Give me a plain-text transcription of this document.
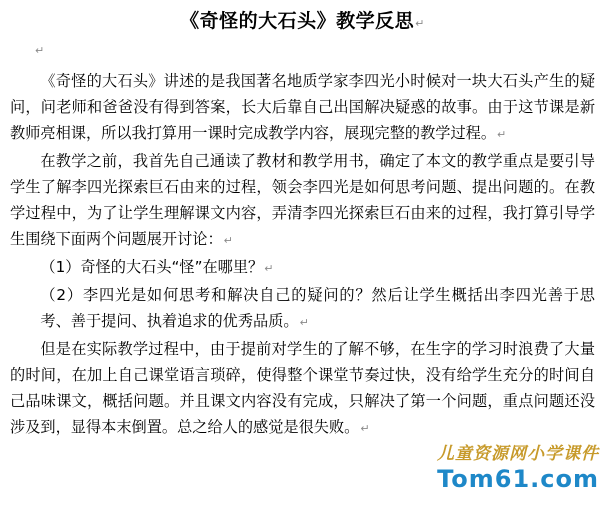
《奇怪的大石头》教学反思↵
↵

《奇怪的大石头》讲述的是我国著名地质学家李四光小时候对一块大石头产生的疑问，问老师和爸爸没有得到答案，长大后靠自己出国解决疑惑的故事。由于这节课是新教师亮相课，所以我打算用一课时完成教学内容，展现完整的教学过程。↵

在教学之前，我首先自己通读了教材和教学用书，确定了本文的教学重点是要引导学生了解李四光探索巨石由来的过程，领会李四光是如何思考问题、提出问题的。在教学过程中，为了让学生理解课文内容，弄清李四光探索巨石由来的过程，我打算引导学生围绕下面两个问题展开讨论：↵

（1）奇怪的大石头“怪”在哪里？↵

（2）李四光是如何思考和解决自己的疑问的？然后让学生概括出李四光善于思考、善于提问、执着追求的优秀品质。↵

但是在实际教学过程中，由于提前对学生的了解不够，在生字的学习时浪费了大量的时间，在加上自己课堂语言琐碎，使得整个课堂节奏过快，没有给学生充分的时间自己品味课文，概括问题。并且课文内容没有完成，只解决了第一个问题，重点问题还没涉及到，显得本末倒置。总之给人的感觉是很失败。↵

儿童资源网小学课件
Tom61.com
